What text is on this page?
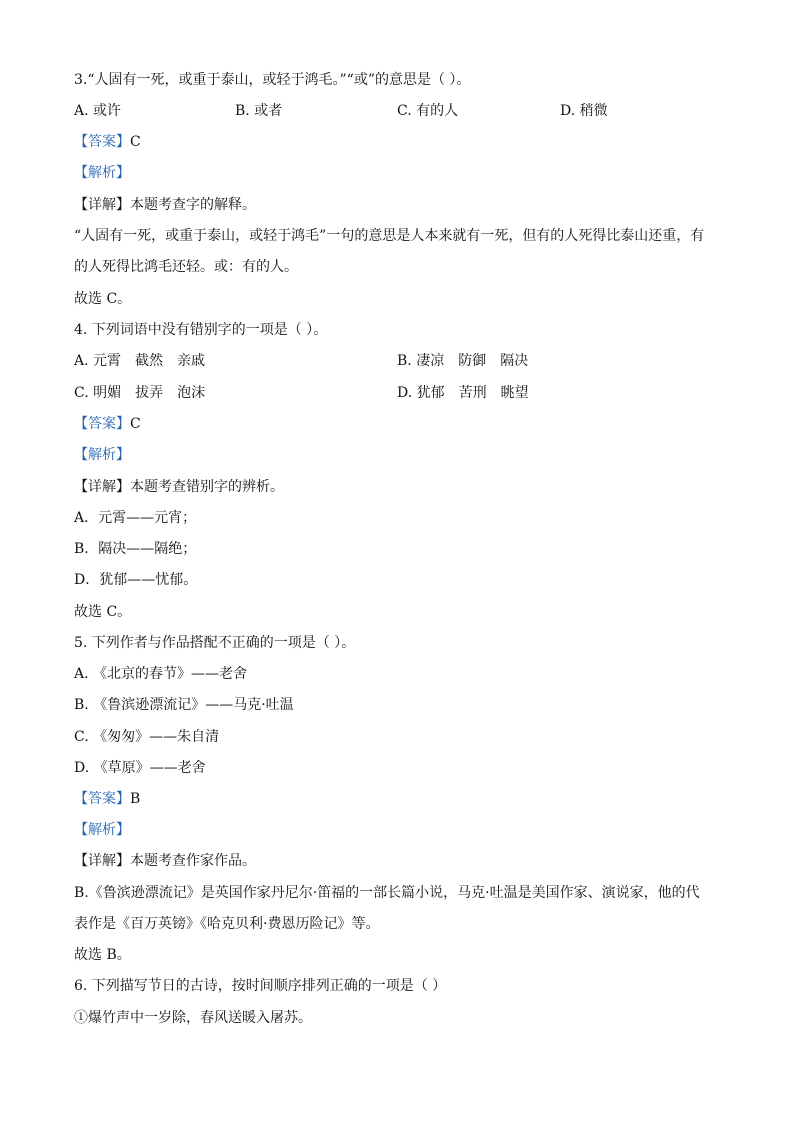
3.“人固有一死，或重于泰山，或轻于鸿毛。”“或”的意思是（ ）。
A. 或许	B. 或者	C. 有的人	D. 稍微
【答案】C
【解析】
【详解】本题考查字的解释。
“人固有一死，或重于泰山，或轻于鸿毛”一句的意思是人本来就有一死，但有的人死得比泰山还重，有
的人死得比鸿毛还轻。或：有的人。
故选 C。
4. 下列词语中没有错别字的一项是（ ）。
A. 元霄 截然 亲戚	B. 凄凉 防御 隔决
C. 明媚 拔弄 泡沫	D. 犹郁 苦刑 眺望
【答案】C
【解析】
【详解】本题考查错别字的辨析。
A．元霄——元宵；
B．隔决——隔绝；
D．犹郁——忧郁。
故选 C。
5. 下列作者与作品搭配不正确的一项是（ ）。
A. 《北京的春节》——老舍
B. 《鲁滨逊漂流记》——马克·吐温
C. 《匆匆》——朱自清
D. 《草原》——老舍
【答案】B
【解析】
【详解】本题考查作家作品。
B.《鲁滨逊漂流记》是英国作家丹尼尔·笛福的一部长篇小说，马克·吐温是美国作家、演说家，他的代
表作是《百万英镑》《哈克贝利·费恩历险记》等。
故选 B。
6. 下列描写节日的古诗，按时间顺序排列正确的一项是（ ）
①爆竹声中一岁除，春风送暖入屠苏。
